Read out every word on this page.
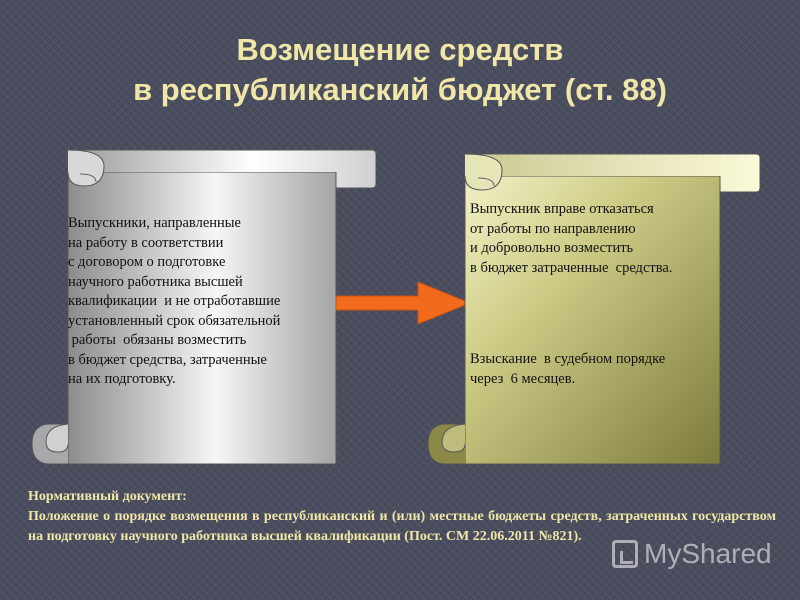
Возмещение средств
в республиканский бюджет (ст. 88)
Выпускники, направленные
на работу в соответствии
с договором о подготовке
научного работника высшей
квалификации  и не отработавшие
установленный срок обязательной
работы  обязаны возместить
в бюджет средства, затраченные
на их подготовку.
Выпускник вправе отказаться
от работы по направлению
и добровольно возместить
в бюджет затраченные  средства.
Взыскание  в судебном порядке
через  6 месяцев.

Нормативный документ:

Положение о порядке возмещения в республиканский и (или) местные бюджеты средств, затраченных государством на подготовку научного работника высшей квалификации (Пост. СМ 22.06.2011 №821).

MyShared
